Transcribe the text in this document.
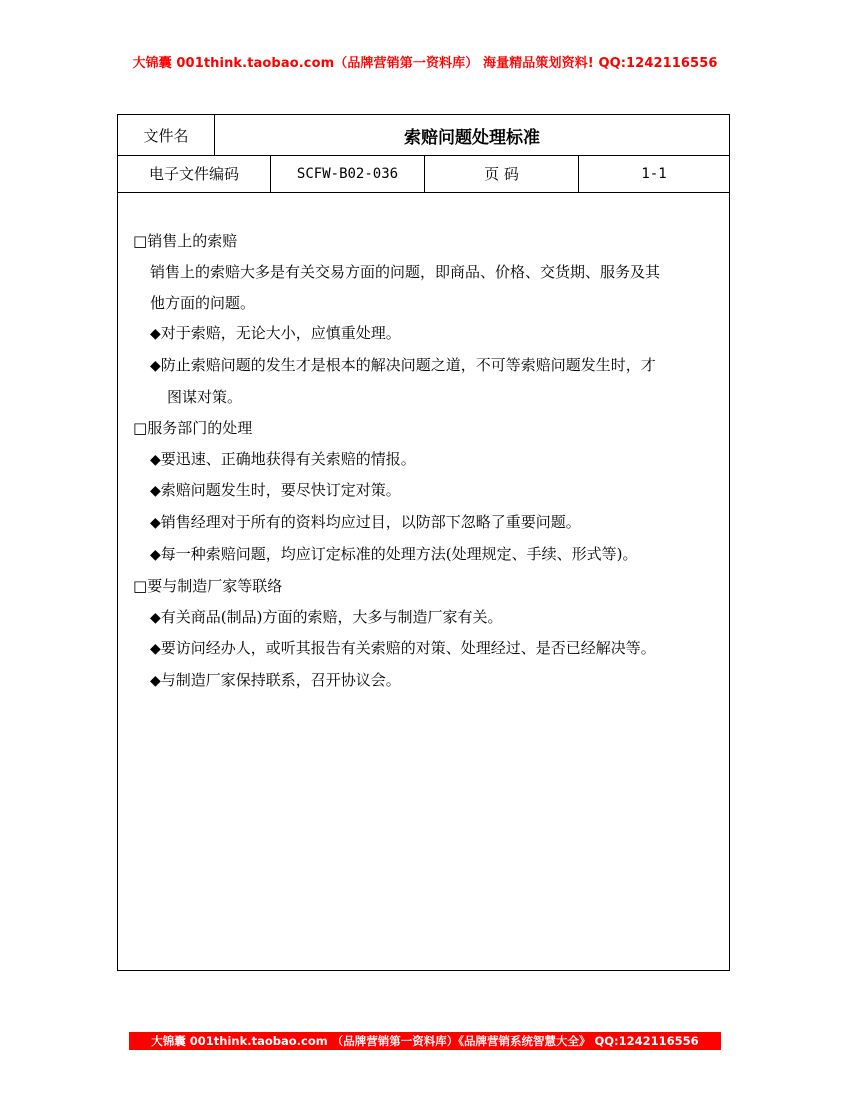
大锦囊 001think.taobao.com（品牌营销第一资料库） 海量精品策划资料! QQ:1242116556
文件名	索赔问题处理标准
电子文件编码	SCFW-B02-036	页 码	1-1
□销售上的索赔
销售上的索赔大多是有关交易方面的问题，即商品、价格、交货期、服务及其
他方面的问题。
◆对于索赔，无论大小，应慎重处理。
◆防止索赔问题的发生才是根本的解决问题之道，不可等索赔问题发生时，才
图谋对策。
□服务部门的处理
◆要迅速、正确地获得有关索赔的情报。
◆索赔问题发生时，要尽快订定对策。
◆销售经理对于所有的资料均应过目，以防部下忽略了重要问题。
◆每一种索赔问题，均应订定标准的处理方法(处理规定、手续、形式等)。
□要与制造厂家等联络
◆有关商品(制品)方面的索赔，大多与制造厂家有关。
◆要访问经办人，或听其报告有关索赔的对策、处理经过、是否已经解决等。
◆与制造厂家保持联系，召开协议会。
大锦囊 001think.taobao.com （品牌营销第一资料库）《品牌营销系统智慧大全》 QQ:1242116556
